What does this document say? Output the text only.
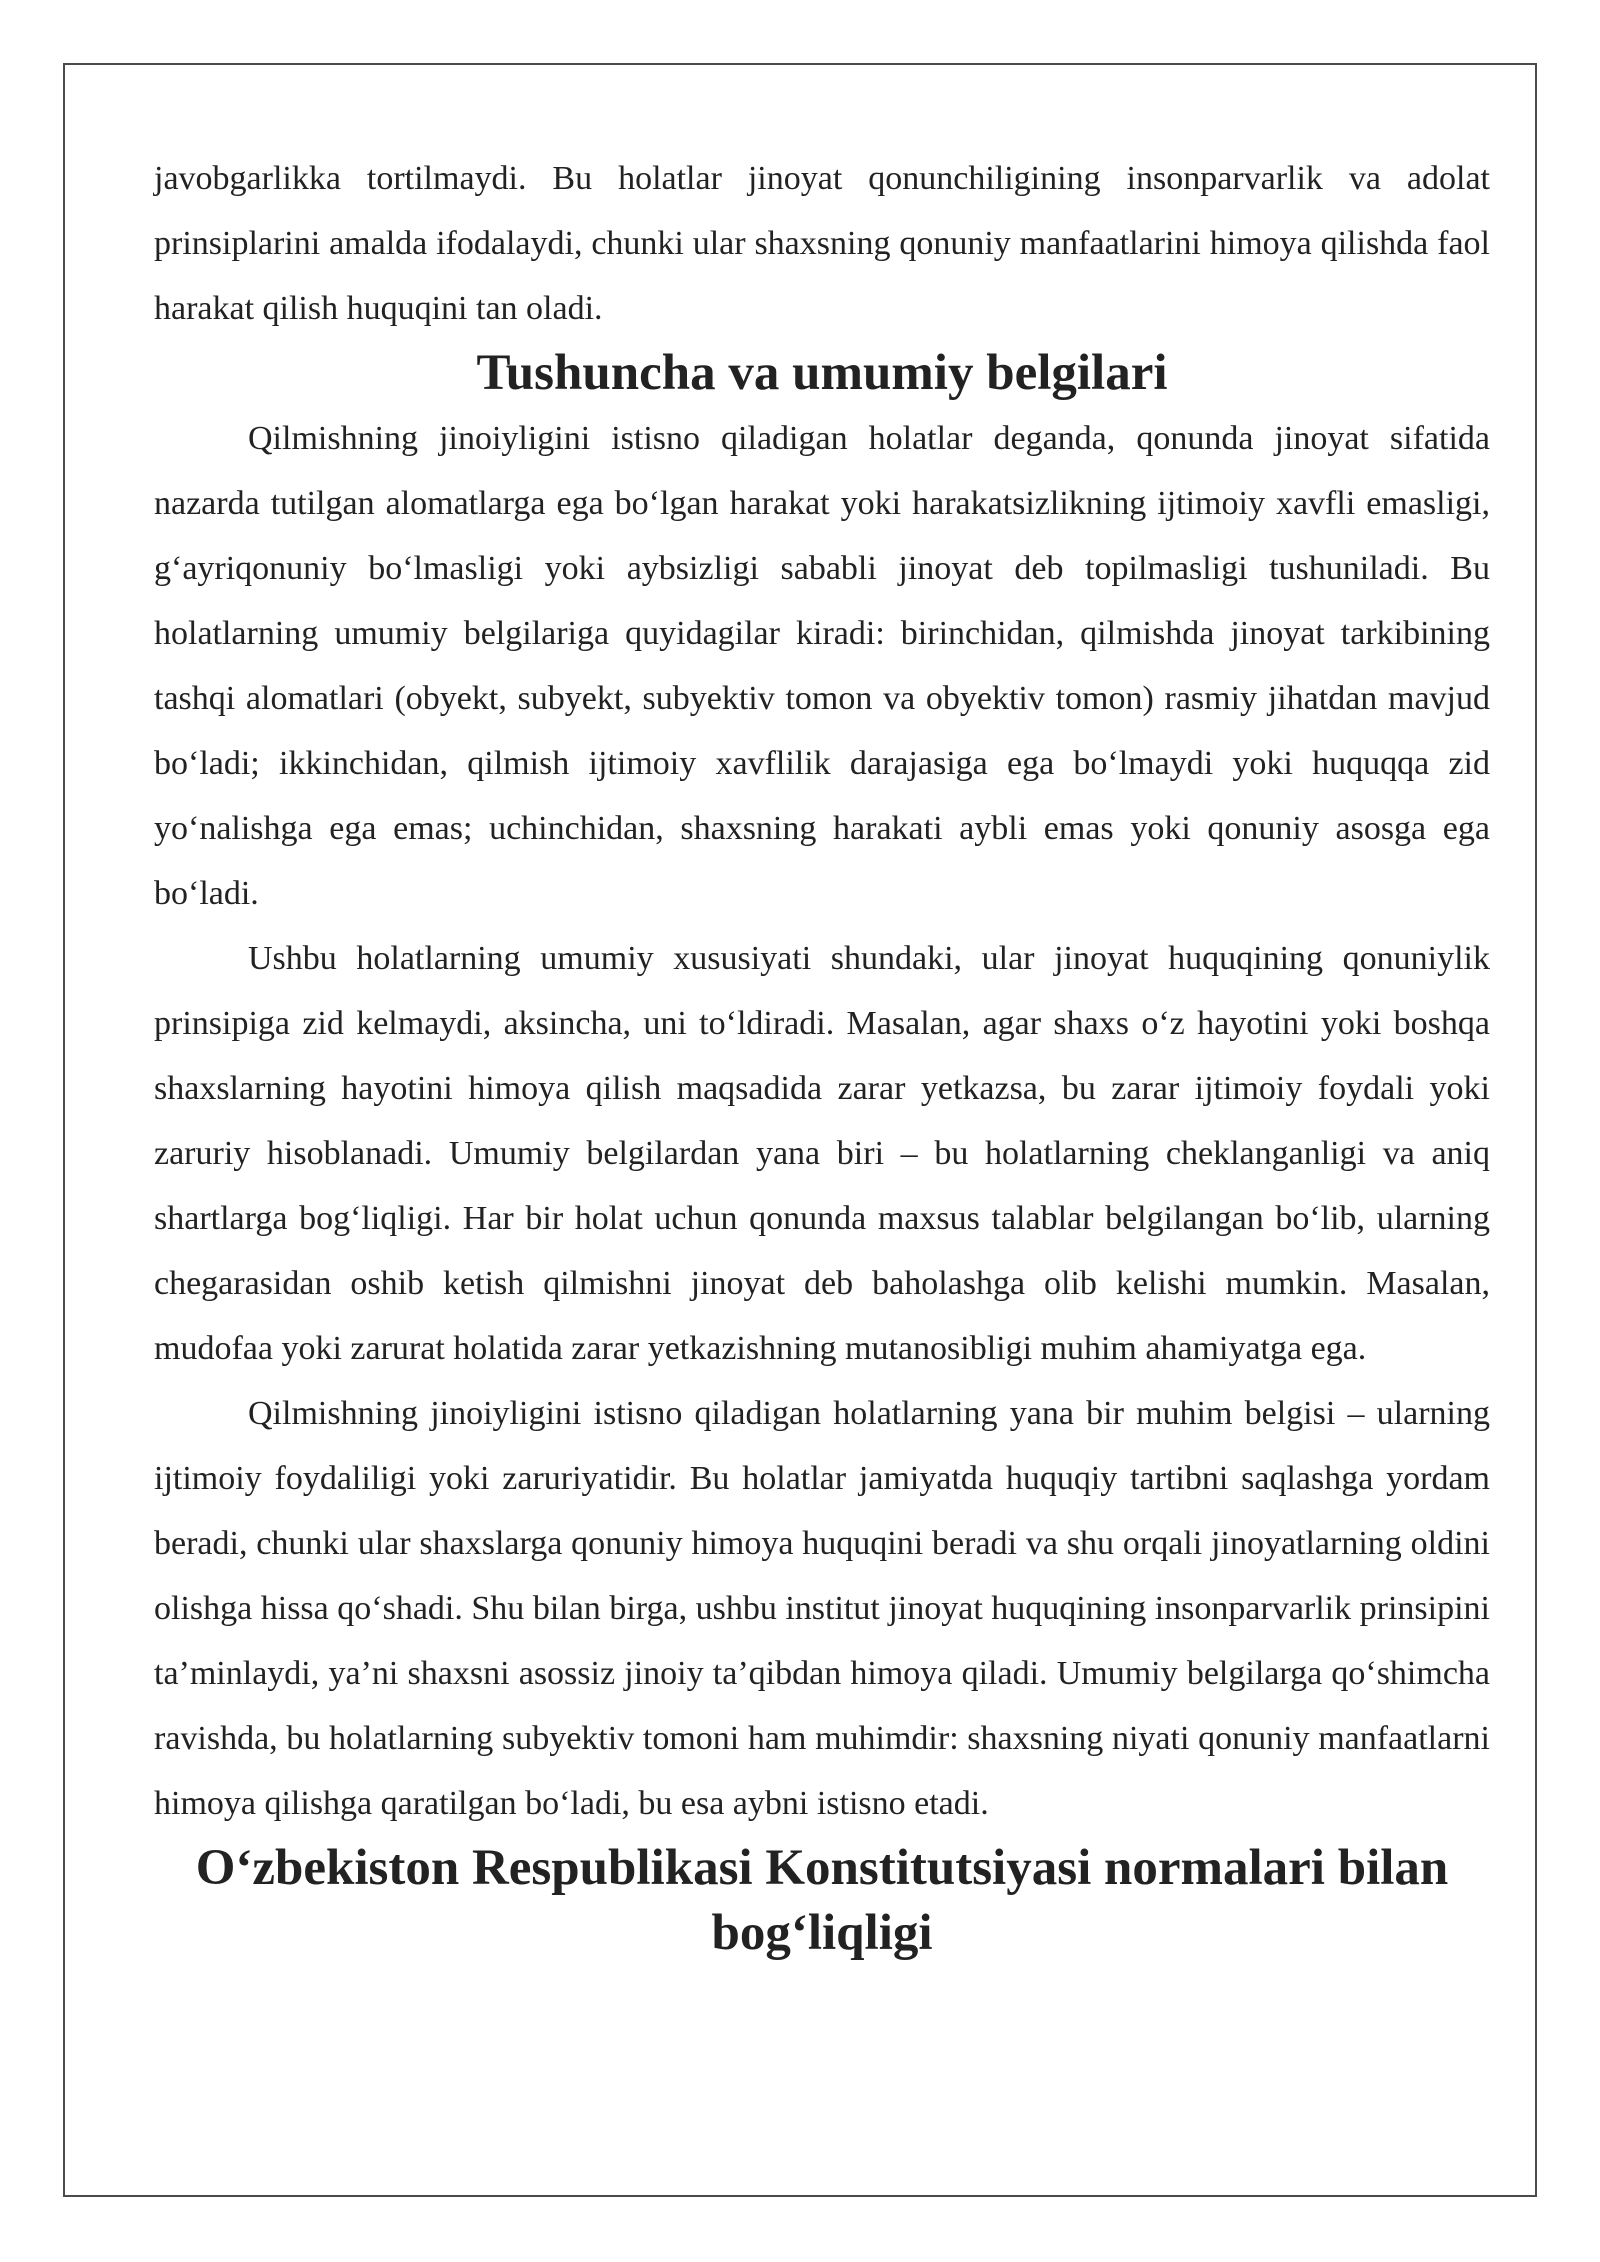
javobgarlikka tortilmaydi. Bu holatlar jinoyat qonunchiligining insonparvarlik va adolat prinsiplarini amalda ifodalaydi, chunki ular shaxsning qonuniy manfaatlarini himoya qilishda faol harakat qilish huquqini tan oladi.

Tushuncha va umumiy belgilari

Qilmishning jinoiyligini istisno qiladigan holatlar deganda, qonunda jinoyat sifatida nazarda tutilgan alomatlarga ega bo‘lgan harakat yoki harakatsizlikning ijtimoiy xavfli emasligi, g‘ayriqonuniy bo‘lmasligi yoki aybsizligi sababli jinoyat deb topilmasligi tushuniladi. Bu holatlarning umumiy belgilariga quyidagilar kiradi: birinchidan, qilmishda jinoyat tarkibining tashqi alomatlari (obyekt, subyekt, subyektiv tomon va obyektiv tomon) rasmiy jihatdan mavjud bo‘ladi; ikkinchidan, qilmish ijtimoiy xavflilik darajasiga ega bo‘lmaydi yoki huquqqa zid yo‘nalishga ega emas; uchinchidan, shaxsning harakati aybli emas yoki qonuniy asosga ega bo‘ladi.

Ushbu holatlarning umumiy xususiyati shundaki, ular jinoyat huquqining qonuniylik prinsipiga zid kelmaydi, aksincha, uni to‘ldiradi. Masalan, agar shaxs o‘z hayotini yoki boshqa shaxslarning hayotini himoya qilish maqsadida zarar yetkazsa, bu zarar ijtimoiy foydali yoki zaruriy hisoblanadi. Umumiy belgilardan yana biri – bu holatlarning cheklanganligi va aniq shartlarga bog‘liqligi. Har bir holat uchun qonunda maxsus talablar belgilangan bo‘lib, ularning chegarasidan oshib ketish qilmishni jinoyat deb baholashga olib kelishi mumkin. Masalan, mudofaa yoki zarurat holatida zarar yetkazishning mutanosibligi muhim ahamiyatga ega.

Qilmishning jinoiyligini istisno qiladigan holatlarning yana bir muhim belgisi – ularning ijtimoiy foydaliligi yoki zaruriyatidir. Bu holatlar jamiyatda huquqiy tartibni saqlashga yordam beradi, chunki ular shaxslarga qonuniy himoya huquqini beradi va shu orqali jinoyatlarning oldini olishga hissa qo‘shadi. Shu bilan birga, ushbu institut jinoyat huquqining insonparvarlik prinsipini ta’minlaydi, ya’ni shaxsni asossiz jinoiy ta’qibdan himoya qiladi. Umumiy belgilarga qo‘shimcha ravishda, bu holatlarning subyektiv tomoni ham muhimdir: shaxsning niyati qonuniy manfaatlarni himoya qilishga qaratilgan bo‘ladi, bu esa aybni istisno etadi.

O‘zbekiston Respublikasi Konstitutsiyasi normalari bilan bog‘liqligi
